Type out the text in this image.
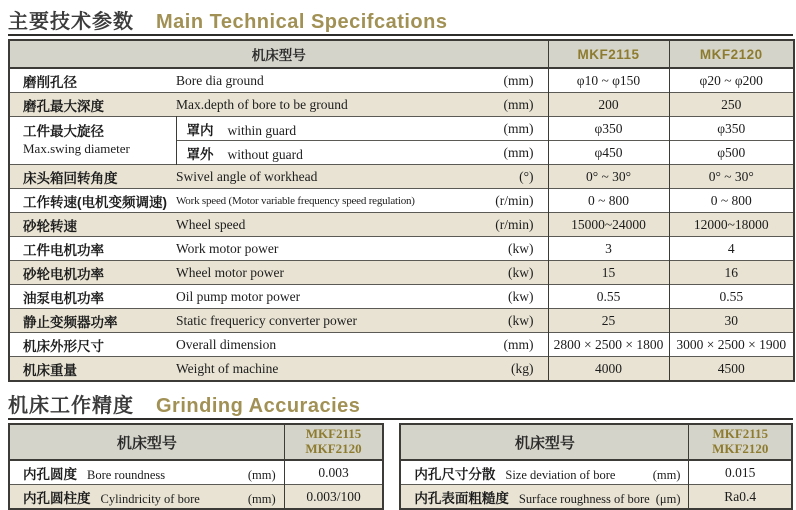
主要技术参数 Main Technical Specifcations
机床型号			MKF2115	MKF2120
磨削孔径	Bore dia ground	(mm)	φ10 ~ φ150	φ20 ~ φ200
磨孔最大深度	Max.depth of bore to be ground	(mm)	200	250

工件最大旋径
Max.swing diameter	罩内 within guard	(mm)	φ350	φ350
	罩外 without guard	(mm)	φ450	φ500
床头箱回转角度	Swivel angle of workhead	(°)	0° ~ 30°	0° ~ 30°
工作转速(电机变频调速)	Work speed (Motor variable frequency speed regulation)	(r/min)	0 ~ 800	0 ~ 800
砂轮转速	Wheel speed	(r/min)	15000~24000	12000~18000
工件电机功率	Work motor power	(kw)	3	4
砂轮电机功率	Wheel motor power	(kw)	15	16
油泵电机功率	Oil pump motor power	(kw)	0.55	0.55
静止变频器功率	Static frequericy converter power	(kw)	25	30
机床外形尺寸	Overall dimension	(mm)	2800 × 2500 × 1800	3000 × 2500 × 1900
机床重量	Weight of machine	(kg)	4000	4500
机床工作精度 Grinding Accuracies
机床型号	MKF2115
MKF2120

内孔圆度 Bore roundness (mm)	0.003

内孔圆柱度 Cylindricity of bore (mm)	0.003/100
机床型号	MKF2115
MKF2120

内孔尺寸分散 Size deviation of bore (mm)	0.015

内孔表面粗糙度 Surface roughness of bore (μm)	Ra0.4
